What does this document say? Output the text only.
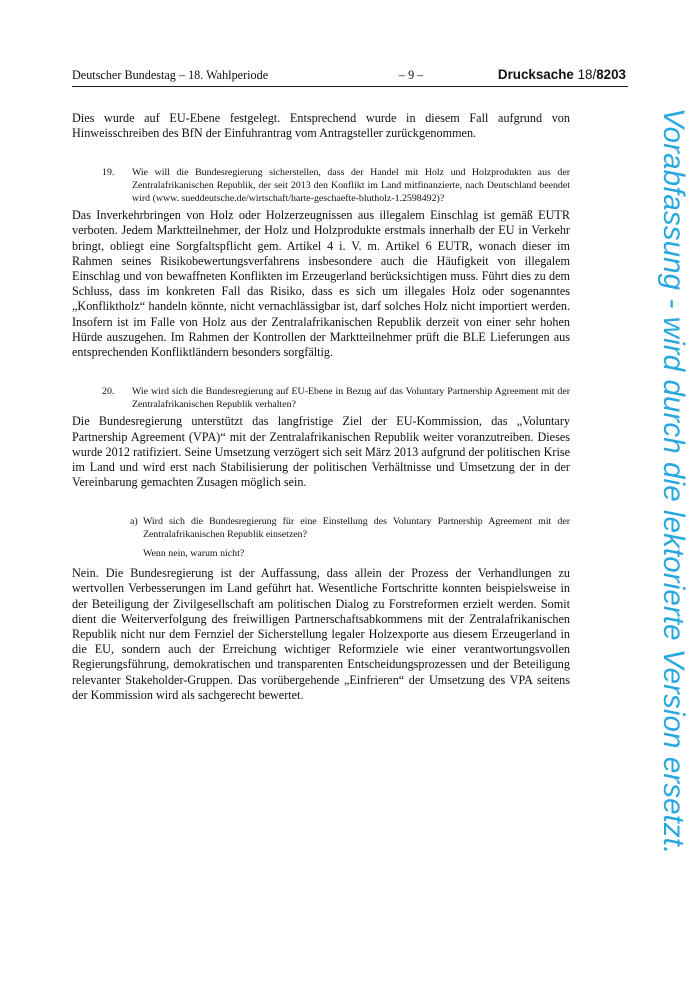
Deutscher Bundestag – 18. Wahlperiode	– 9 –	Drucksache 18/8203

Dies wurde auf EU-Ebene festgelegt. Entsprechend wurde in diesem Fall aufgrund von Hinweisschreiben des BfN der Einfuhrantrag vom Antragsteller zurückgenommen.

19.	Wie will die Bundesregierung sicherstellen, dass der Handel mit Holz und Holzprodukten aus der Zentralafrikanischen Republik, der seit 2013 den Konflikt im Land mitfinanzierte, nach Deutschland beendet wird (www. sueddeutsche.de/wirtschaft/harte-geschaefte-blutholz-1.2598492)?

Das Inverkehrbringen von Holz oder Holzerzeugnissen aus illegalem Einschlag ist gemäß EUTR verboten. Jedem Marktteilnehmer, der Holz und Holzprodukte erstmals innerhalb der EU in Verkehr bringt, obliegt eine Sorgfaltspflicht gem. Artikel 4 i. V. m. Artikel 6 EUTR, wonach dieser im Rahmen seines Risikobewertungsverfahrens insbesondere auch die Häufigkeit von illegalem Einschlag und von bewaffneten Konflikten im Erzeugerland berücksichtigen muss. Führt dies zu dem Schluss, dass im konkreten Fall das Risiko, dass es sich um illegales Holz oder sogenanntes „Konfliktholz“ handeln könnte, nicht vernachlässigbar ist, darf solches Holz nicht importiert werden. Insofern ist im Falle von Holz aus der Zentralafrikanischen Republik derzeit von einer sehr hohen Hürde auszugehen. Im Rahmen der Kontrollen der Marktteilnehmer prüft die BLE Lieferungen aus entsprechenden Konfliktländern besonders sorgfältig.

20.	Wie wird sich die Bundesregierung auf EU-Ebene in Bezug auf das Voluntary Partnership Agreement mit der Zentralafrikanischen Republik verhalten?

Die Bundesregierung unterstützt das langfristige Ziel der EU-Kommission, das „Voluntary Partnership Agreement (VPA)“ mit der Zentralafrikanischen Republik weiter voranzutreiben. Dieses wurde 2012 ratifiziert. Seine Umsetzung verzögert sich seit März 2013 aufgrund der politischen Krise im Land und wird erst nach Stabilisierung der politischen Verhältnisse und Umsetzung der in der Vereinbarung gemachten Zusagen möglich sein.

a) Wird sich die Bundesregierung für eine Einstellung des Voluntary Partnership Agreement mit der Zentralafrikanischen Republik einsetzen?
Wenn nein, warum nicht?

Nein. Die Bundesregierung ist der Auffassung, dass allein der Prozess der Verhandlungen zu wertvollen Verbesserungen im Land geführt hat. Wesentliche Fortschritte konnten beispielsweise in der Beteiligung der Zivilgesellschaft am politischen Dialog zu Forstreformen erzielt werden. Somit dient die Weiterverfolgung des freiwilligen Partnerschaftsabkommens mit der Zentralafrikanischen Republik nicht nur dem Fernziel der Sicherstellung legaler Holzexporte aus diesem Erzeugerland in die EU, sondern auch der Erreichung wichtiger Reformziele wie einer verantwortungsvollen Regierungsführung, demokratischen und transparenten Entscheidungsprozessen und der Beteiligung relevanter Stakeholder-Gruppen. Das vorübergehende „Einfrieren“ der Umsetzung des VPA seitens der Kommission wird als sachgerecht bewertet.	Vorabfassung - wird durch die lektorierte Version ersetzt.
